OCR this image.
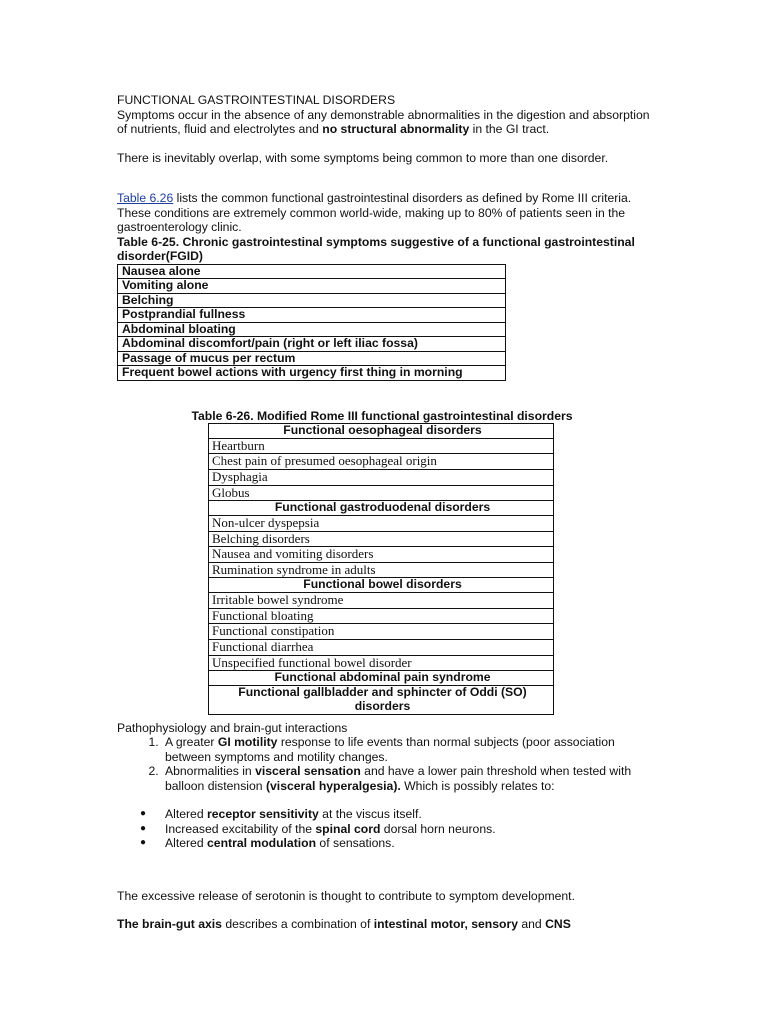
FUNCTIONAL GASTROINTESTINAL DISORDERS

Symptoms occur in the absence of any demonstrable abnormalities in the digestion and absorption of nutrients, fluid and electrolytes and no structural abnormality in the GI tract.

There is inevitably overlap, with some symptoms being common to more than one disorder.

Table 6.26 lists the common functional gastrointestinal disorders as defined by Rome III criteria. These conditions are extremely common world-wide, making up to 80% of patients seen in the gastroenterology clinic.

Table 6-25. Chronic gastrointestinal symptoms suggestive of a functional gastrointestinal disorder(FGID)

Nausea alone
Vomiting alone
Belching
Postprandial fullness
Abdominal bloating
Abdominal discomfort/pain (right or left iliac fossa)
Passage of mucus per rectum
Frequent bowel actions with urgency first thing in morning

Table 6-26. Modified Rome III functional gastrointestinal disorders

Functional oesophageal disorders
Heartburn
Chest pain of presumed oesophageal origin
Dysphagia
Globus
Functional gastroduodenal disorders
Non-ulcer dyspepsia
Belching disorders
Nausea and vomiting disorders
Rumination syndrome in adults
Functional bowel disorders
Irritable bowel syndrome
Functional bloating
Functional constipation
Functional diarrhea
Unspecified functional bowel disorder
Functional abdominal pain syndrome
Functional gallbladder and sphincter of Oddi (SO) disorders

Pathophysiology and brain-gut interactions

1. A greater GI motility response to life events than normal subjects (poor association between symptoms and motility changes.
2. Abnormalities in visceral sensation and have a lower pain threshold when tested with balloon distension (visceral hyperalgesia). Which is possibly relates to:
● Altered receptor sensitivity at the viscus itself.
● Increased excitability of the spinal cord dorsal horn neurons.
● Altered central modulation of sensations.

The excessive release of serotonin is thought to contribute to symptom development.

The brain-gut axis describes a combination of intestinal motor, sensory and CNS
